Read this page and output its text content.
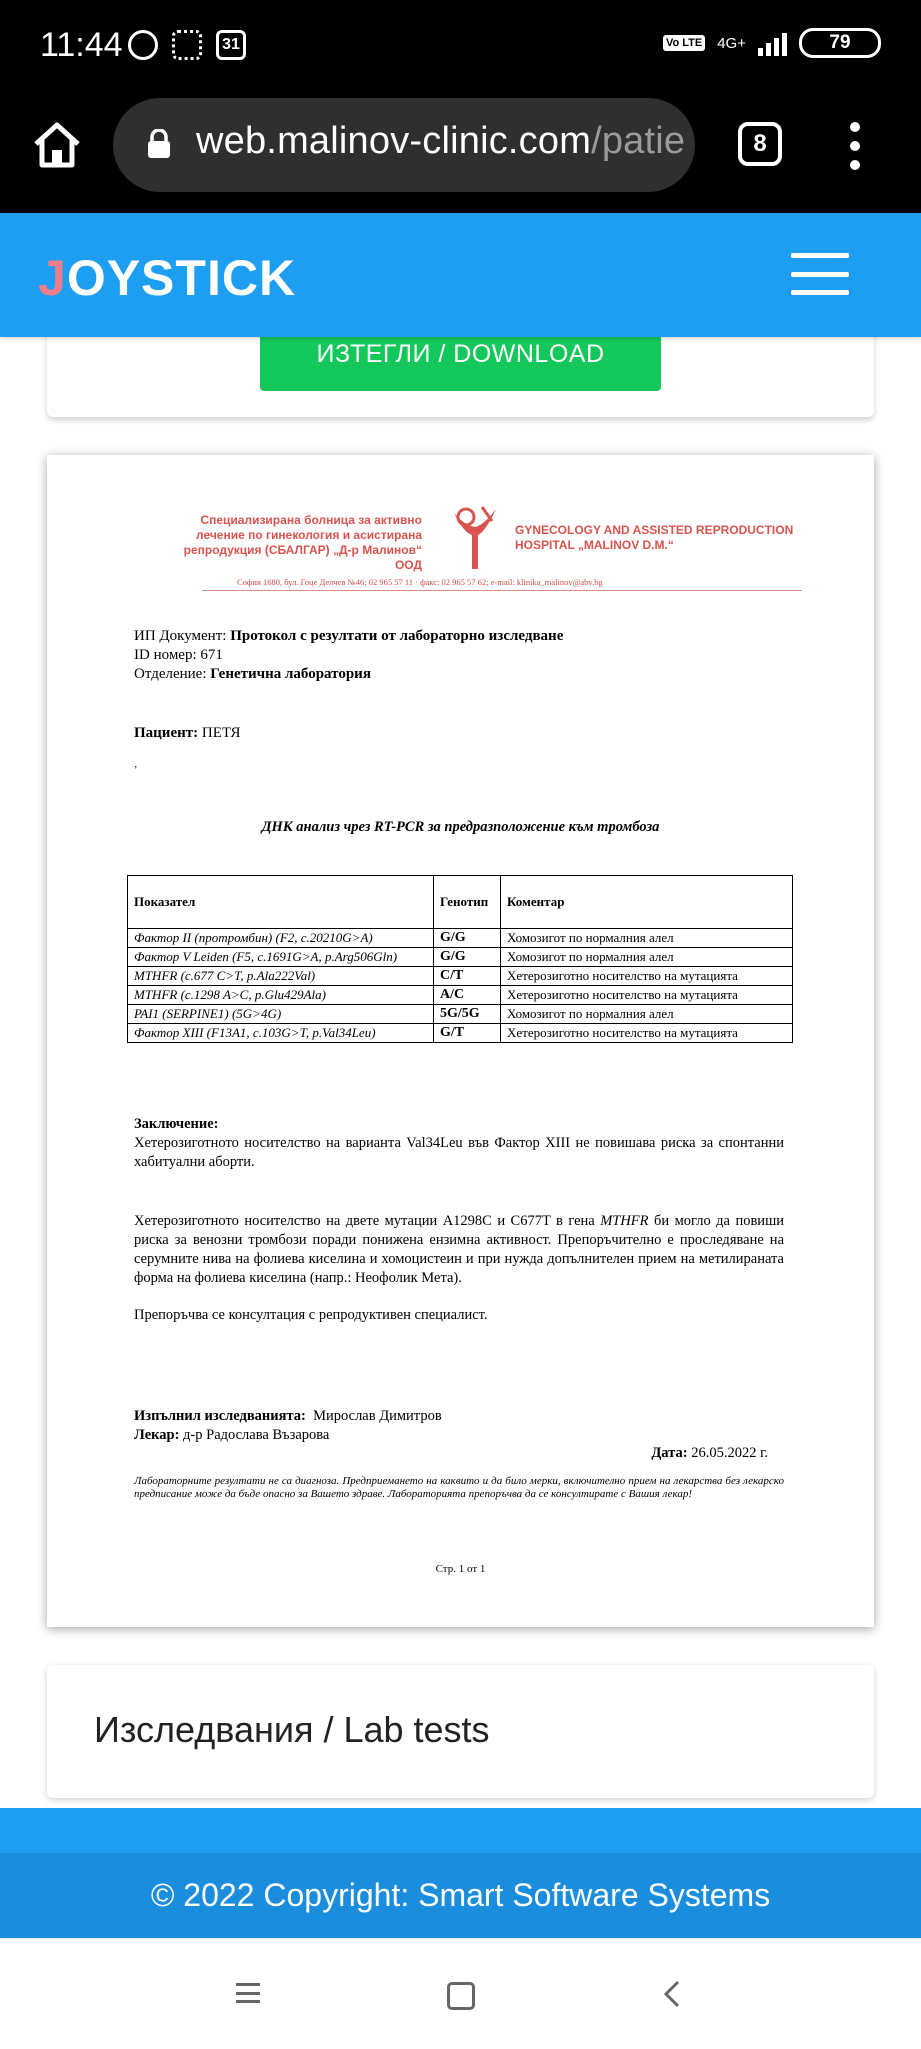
11:44	31	Vo LTE 4G+	79
web.malinov-clinic.com/patie	8
JOYSTICK
ИЗТЕГЛИ / DOWNLOAD
Специализирана болница за активно лечение по гинекология и асистирана репродукция (СБАЛГАР) „Д-р Малинов“ ООД
GYNECOLOGY AND ASSISTED REPRODUCTION HOSPITAL „MALINOV D.M.“
София 1680, бул. Гоце Делчев №46; 02 965 57 11 · факс: 02 965 57 62; e-mail: klinika_malinov@abv.bg
ИП Документ: Протокол с резултати от лабораторно изследване
ID номер: 671
Отделение: Генетична лаборатория
Пациент: ПЕТЯ
‚
ДНК анализ чрез RT-PCR за предразположение към тромбоза
Показател	Генотип	Коментар
Фактор II (протромбин) (F2, c.20210G>A)	G/G	Хомозигот по нормалния алел
Фактор V Leiden (F5, c.1691G>A, p.Arg506Gln)	G/G	Хомозигот по нормалния алел
MTHFR (c.677 C>T, p.Ala222Val)	C/T	Хетерозиготно носителство на мутацията
MTHFR (c.1298 A>C, p.Glu429Ala)	A/C	Хетерозиготно носителство на мутацията
PAI1 (SERPINE1) (5G>4G)	5G/5G	Хомозигот по нормалния алел
Фактор XIII (F13A1, c.103G>T, p.Val34Leu)	G/T	Хетерозиготно носителство на мутацията

Заключение:
Хетерозиготното носителство на варианта Val34Leu във Фактор XIII не повишава риска за спонтанни хабитуални аборти.

Хетерозиготното носителство на двете мутации A1298C и C677T в гена MTHFR би могло да повиши риска за венозни тромбози поради понижена ензимна активност. Препоръчително е проследяване на серумните нива на фолиева киселина и хомоцистеин и при нужда допълнителен прием на метилираната форма на фолиева киселина (напр.: Неофолик Мета).

Препоръчва се консултация с репродуктивен специалист.

Изпълнил изследванията: Мирослав Димитров
Лекар: д-р Радослава Възарова
Дата: 26.05.2022 г.
Лабораторните резултати не са диагноза. Предприемането на каквито и да било мерки, включително прием на лекарства без лекарско предписание може да бъде опасно за Вашето здраве. Лабораторията препоръчва да се консултирате с Вашия лекар!
Стр. 1 от 1
Изследвания / Lab tests
© 2022 Copyright: Smart Software Systems
